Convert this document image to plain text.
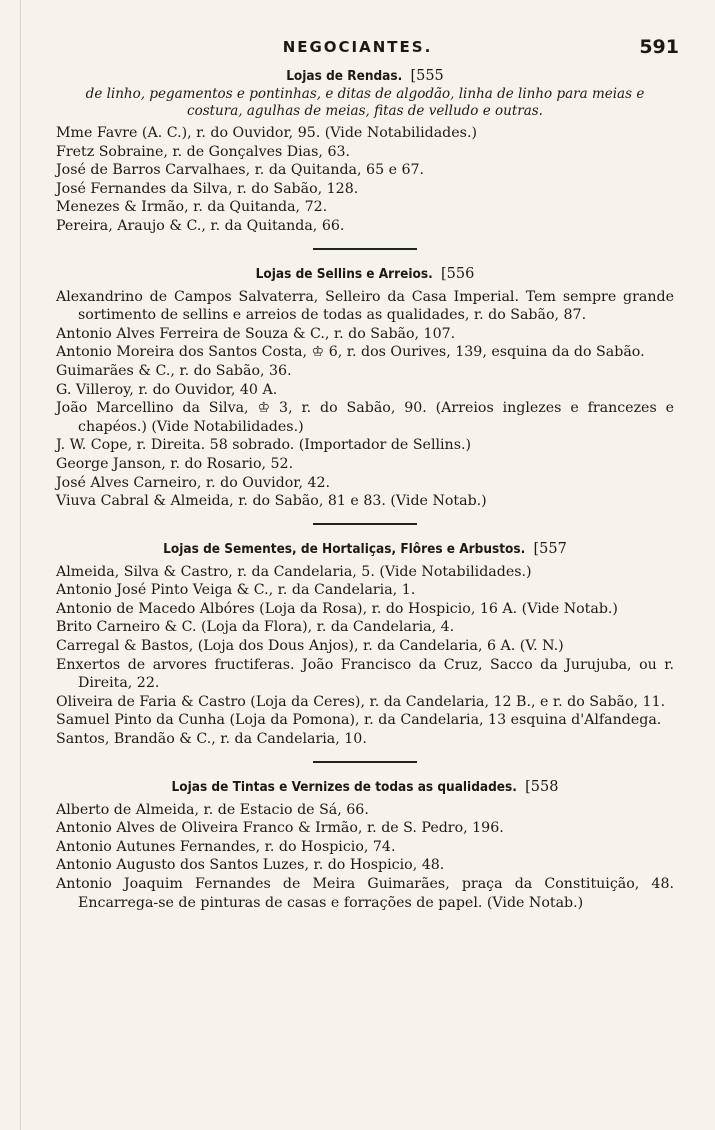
NEGOCIANTES.	591
Lojas de Rendas. [555
de linho, pegamentos e pontinhas, e ditas de algodão, linha de linho para meias e
costura, agulhas de meias, fitas de velludo e outras.
Mme Favre (A. C.), r. do Ouvidor, 95. (Vide Notabilidades.)
Fretz Sobraine, r. de Gonçalves Dias, 63.
José de Barros Carvalhaes, r. da Quitanda, 65 e 67.
José Fernandes da Silva, r. do Sabão, 128.
Menezes & Irmão, r. da Quitanda, 72.
Pereira, Araujo & C., r. da Quitanda, 66.
Lojas de Sellins e Arreios. [556
Alexandrino de Campos Salvaterra, Selleiro da Casa Imperial. Tem sempre grande sortimento de sellins e arreios de todas as qualidades, r. do Sabão, 87.
Antonio Alves Ferreira de Souza & C., r. do Sabão, 107.
Antonio Moreira dos Santos Costa, ♔ 6, r. dos Ourives, 139, esquina da do Sabão.
Guimarães & C., r. do Sabão, 36.
G. Villeroy, r. do Ouvidor, 40 A.
João Marcellino da Silva, ♔ 3, r. do Sabão, 90. (Arreios inglezes e francezes e chapéos.) (Vide Notabilidades.)
J. W. Cope, r. Direita. 58 sobrado. (Importador de Sellins.)
George Janson, r. do Rosario, 52.
José Alves Carneiro, r. do Ouvidor, 42.
Viuva Cabral & Almeida, r. do Sabão, 81 e 83. (Vide Notab.)
Lojas de Sementes, de Hortaliças, Flôres e Arbustos. [557
Almeida, Silva & Castro, r. da Candelaria, 5. (Vide Notabilidades.)
Antonio José Pinto Veiga & C., r. da Candelaria, 1.
Antonio de Macedo Albóres (Loja da Rosa), r. do Hospicio, 16 A. (Vide Notab.)
Brito Carneiro & C. (Loja da Flora), r. da Candelaria, 4.
Carregal & Bastos, (Loja dos Dous Anjos), r. da Candelaria, 6 A. (V. N.)
Enxertos de arvores fructiferas. João Francisco da Cruz, Sacco da Jurujuba, ou r. Direita, 22.
Oliveira de Faria & Castro (Loja da Ceres), r. da Candelaria, 12 B., e r. do Sabão, 11.
Samuel Pinto da Cunha (Loja da Pomona), r. da Candelaria, 13 esquina d'Alfandega.
Santos, Brandão & C., r. da Candelaria, 10.
Lojas de Tintas e Vernizes de todas as qualidades. [558
Alberto de Almeida, r. de Estacio de Sá, 66.
Antonio Alves de Oliveira Franco & Irmão, r. de S. Pedro, 196.
Antonio Autunes Fernandes, r. do Hospicio, 74.
Antonio Augusto dos Santos Luzes, r. do Hospicio, 48.
Antonio Joaquim Fernandes de Meira Guimarães, praça da Constituição, 48. Encarrega-se de pinturas de casas e forrações de papel. (Vide Notab.)
